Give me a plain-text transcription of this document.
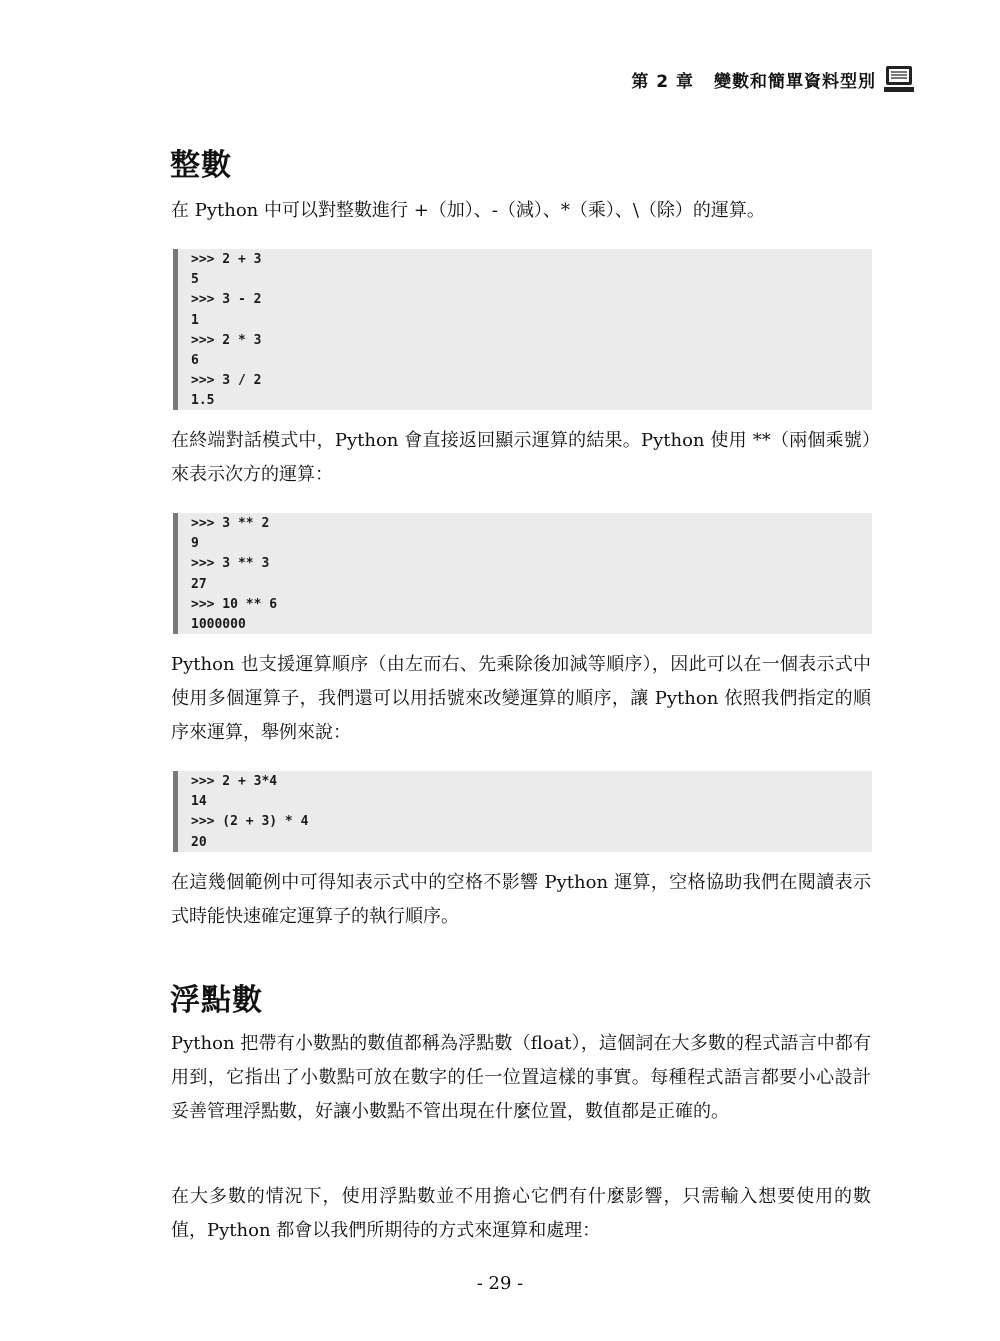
第 2 章 變數和簡單資料型別
整數

在 Python 中可以對整數進行 +（加）、-（減）、*（乘）、\（除）的運算。

>>> 2 + 3
5
>>> 3 - 2
1
>>> 2 * 3
6
>>> 3 / 2
1.5

在終端對話模式中，Python 會直接返回顯示運算的結果。Python 使用 **（兩個乘號）來表示次方的運算：

>>> 3 ** 2
9
>>> 3 ** 3
27
>>> 10 ** 6
1000000

Python 也支援運算順序（由左而右、先乘除後加減等順序），因此可以在一個表示式中使用多個運算子，我們還可以用括號來改變運算的順序，讓 Python 依照我們指定的順序來運算，舉例來說：

>>> 2 + 3*4
14
>>> (2 + 3) * 4
20

在這幾個範例中可得知表示式中的空格不影響 Python 運算，空格協助我們在閱讀表示式時能快速確定運算子的執行順序。

浮點數

Python 把帶有小數點的數值都稱為浮點數（float），這個詞在大多數的程式語言中都有用到，它指出了小數點可放在數字的任一位置這樣的事實。每種程式語言都要小心設計妥善管理浮點數，好讓小數點不管出現在什麼位置，數值都是正確的。

在大多數的情況下，使用浮點數並不用擔心它們有什麼影響，只需輸入想要使用的數值，Python 都會以我們所期待的方式來運算和處理：

- 29 -
